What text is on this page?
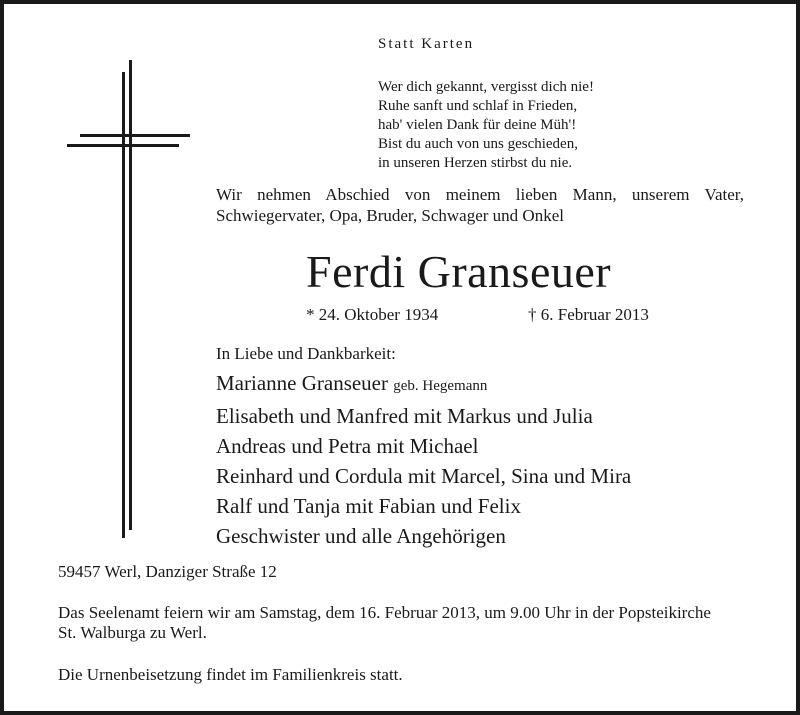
Statt Karten
Wer dich gekannt, vergisst dich nie!
Ruhe sanft und schlaf in Frieden,
hab' vielen Dank für deine Müh'!
Bist du auch von uns geschieden,
in unseren Herzen stirbst du nie.
Wir nehmen Abschied von meinem lieben Mann, unserem Vater,
Schwiegervater, Opa, Bruder, Schwager und Onkel
Ferdi Granseuer
* 24. Oktober 1934	† 6. Februar 2013
In Liebe und Dankbarkeit:
Marianne Granseuer geb. Hegemann
Elisabeth und Manfred mit Markus und Julia
Andreas und Petra mit Michael
Reinhard und Cordula mit Marcel, Sina und Mira
Ralf und Tanja mit Fabian und Felix
Geschwister und alle Angehörigen
59457 Werl, Danziger Straße 12
Das Seelenamt feiern wir am Samstag, dem 16. Februar 2013, um 9.00 Uhr in der Popsteikirche
St. Walburga zu Werl.
Die Urnenbeisetzung findet im Familienkreis statt.
